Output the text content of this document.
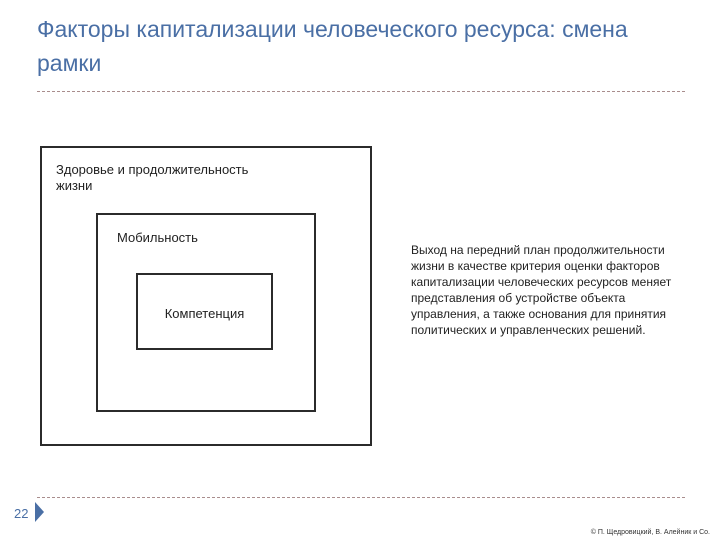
Факторы капитализации человеческого ресурса: смена рамки
Здоровье и продолжительность жизни
Мобильность
Компетенция
Выход на передний план продолжительности жизни в качестве критерия оценки факторов капитализации человеческих ресурсов меняет представления об устройстве объекта управления, а также основания для принятия политических и управленческих решений.
22
© П. Щедровицкий, В. Алейник и Со.
